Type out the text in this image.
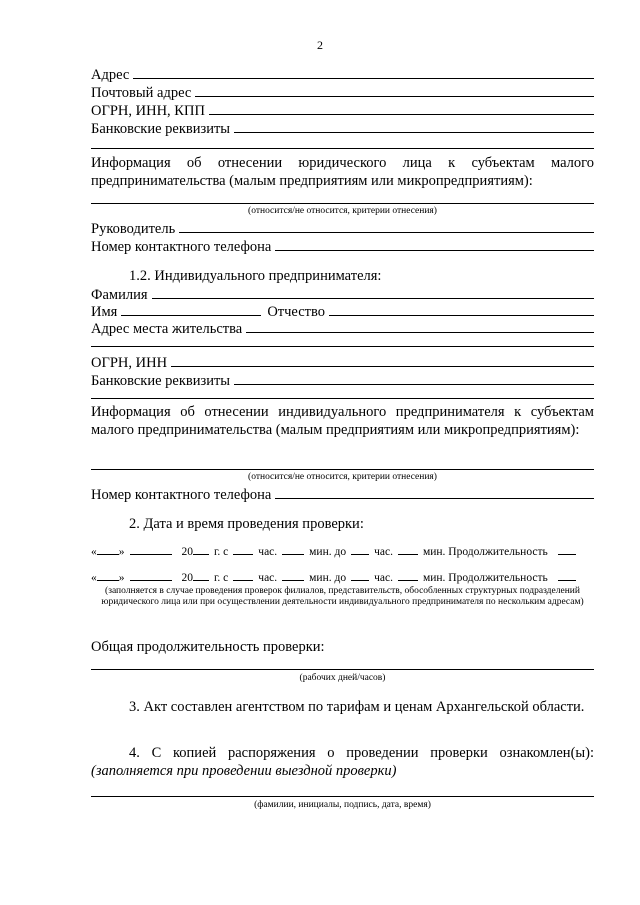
2
Адрес
Почтовый адрес
ОГРН, ИНН, КПП
Банковские реквизиты
Информация об отнесении юридического лица к субъектам малого предпринимательства (малым предприятиям или микропредприятиям):
(относится/не относится, критерии отнесения)
Руководитель
Номер контактного телефона
1.2. Индивидуального предпринимателя:
Фамилия
Имя	Отчество
Адрес места жительства
ОГРН, ИНН
Банковские реквизиты
Информация об отнесении индивидуального предпринимателя к субъектам малого предпринимательства (малым предприятиям или микропредприятиям):
(относится/не относится, критерии отнесения)
Номер контактного телефона
2. Дата и время проведения проверки:
« »	20 г. с	час.	мин. до час.	мин. Продолжительность
« »	20 г. с	час.	мин. до час.	мин. Продолжительность
(заполняется в случае проведения проверок филиалов, представительств, обособленных структурных подразделений юридического лица или при осуществлении деятельности индивидуального предпринимателя по нескольким адресам)
Общая продолжительность проверки:
(рабочих дней/часов)
3. Акт составлен агентством по тарифам и ценам Архангельской области.
4. С копией распоряжения о проведении проверки ознакомлен(ы):
(заполняется при проведении выездной проверки)
(фамилии, инициалы, подпись, дата, время)
